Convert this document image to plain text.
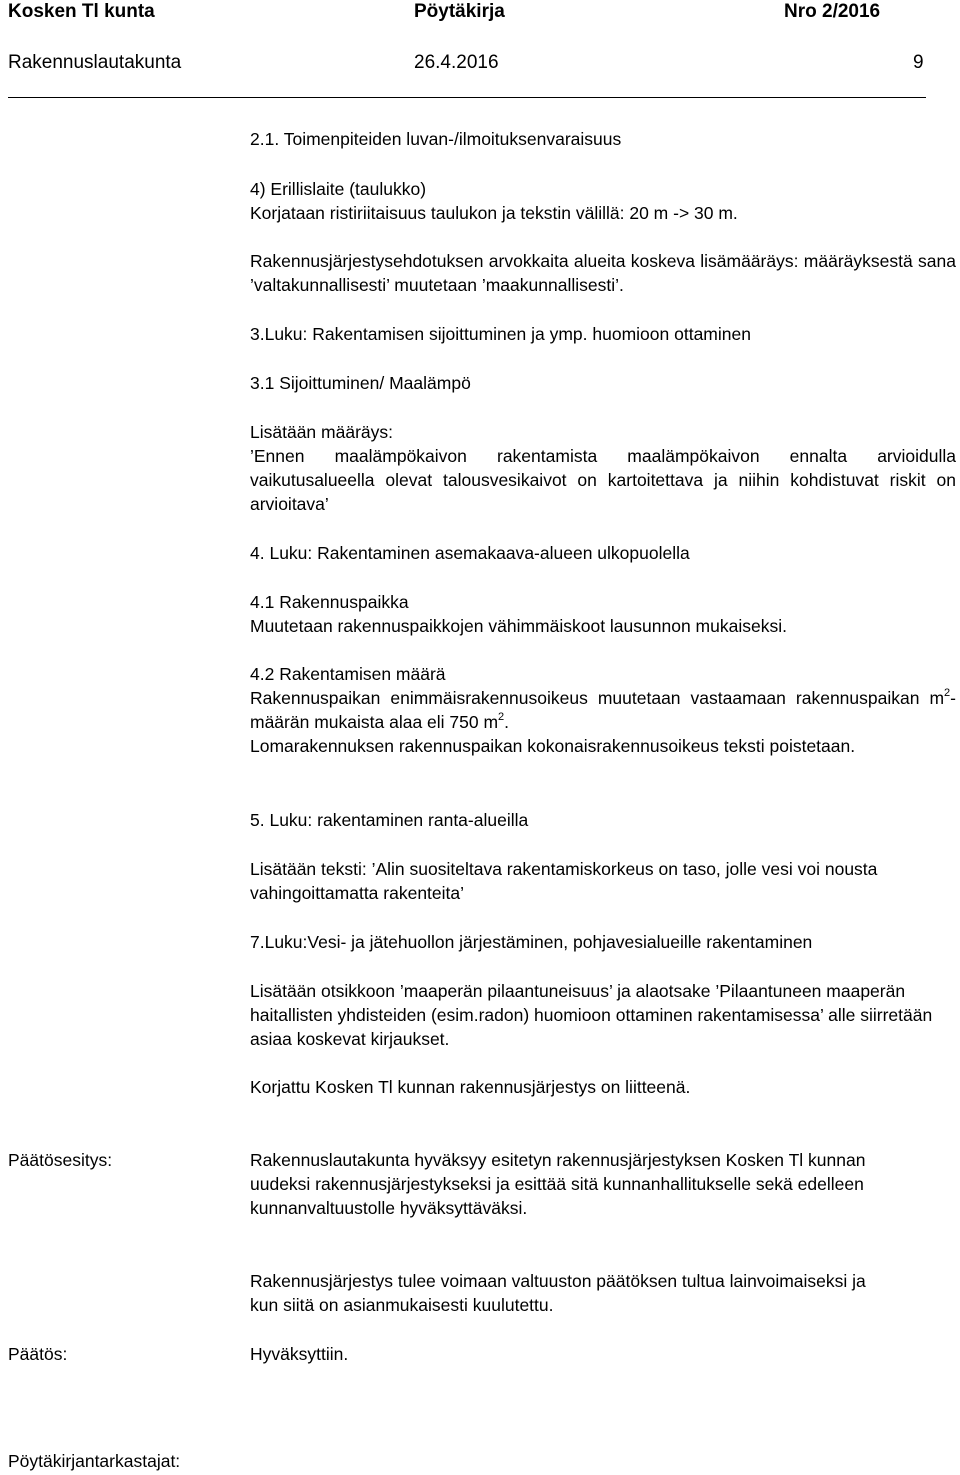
Kosken Tl kunta	Pöytäkirja	Nro 2/2016
Rakennuslautakunta	26.4.2016	9

2.1. Toimenpiteiden luvan-/ilmoituksenvaraisuus

4) Erillislaite (taulukko)

Korjataan ristiriitaisuus taulukon ja tekstin välillä: 20 m -> 30 m.

Rakennusjärjestysehdotuksen arvokkaita alueita koskeva lisämääräys: määräyksestä sana ’valtakunnallisesti’ muutetaan ’maakunnallisesti’.

3.Luku: Rakentamisen sijoittuminen ja ymp. huomioon ottaminen

3.1 Sijoittuminen/ Maalämpö

Lisätään määräys:

’Ennen maalämpökaivon rakentamista maalämpökaivon ennalta arvioidulla vaikutusalueella olevat talousvesikaivot on kartoitettava ja niihin kohdistuvat riskit on arvioitava’

4. Luku: Rakentaminen asemakaava-alueen ulkopuolella

4.1 Rakennuspaikka

Muutetaan rakennuspaikkojen vähimmäiskoot lausunnon mukaiseksi.

4.2 Rakentamisen määrä

Rakennuspaikan enimmäisrakennusoikeus muutetaan vastaamaan rakennuspaikan $m^2$-määrän mukaista alaa eli 750 $m^2$.

Lomarakennuksen rakennuspaikan kokonaisrakennusoikeus teksti poistetaan.

5. Luku: rakentaminen ranta-alueilla

Lisätään teksti: ’Alin suositeltava rakentamiskorkeus on taso, jolle vesi voi nousta vahingoittamatta rakenteita’

7.Luku:Vesi- ja jätehuollon järjestäminen, pohjavesialueille rakentaminen

Lisätään otsikkoon ’maaperän pilaantuneisuus’ ja alaotsake ’Pilaantuneen maaperän haitallisten yhdisteiden (esim.radon) huomioon ottaminen rakentamisessa’ alle siirretään asiaa koskevat kirjaukset.

Korjattu Kosken Tl kunnan rakennusjärjestys on liitteenä.

Päätösesitys:	Rakennuslautakunta hyväksyy esitetyn rakennusjärjestyksen Kosken Tl kunnan uudeksi rakennusjärjestykseksi ja esittää sitä kunnanhallitukselle sekä edelleen kunnanvaltuustolle hyväksyttäväksi.

Rakennusjärjestys tulee voimaan valtuuston päätöksen tultua lainvoimaiseksi ja kun siitä on asianmukaisesti kuulutettu.

Päätös:	Hyväksyttiin.

Pöytäkirjantarkastajat:
